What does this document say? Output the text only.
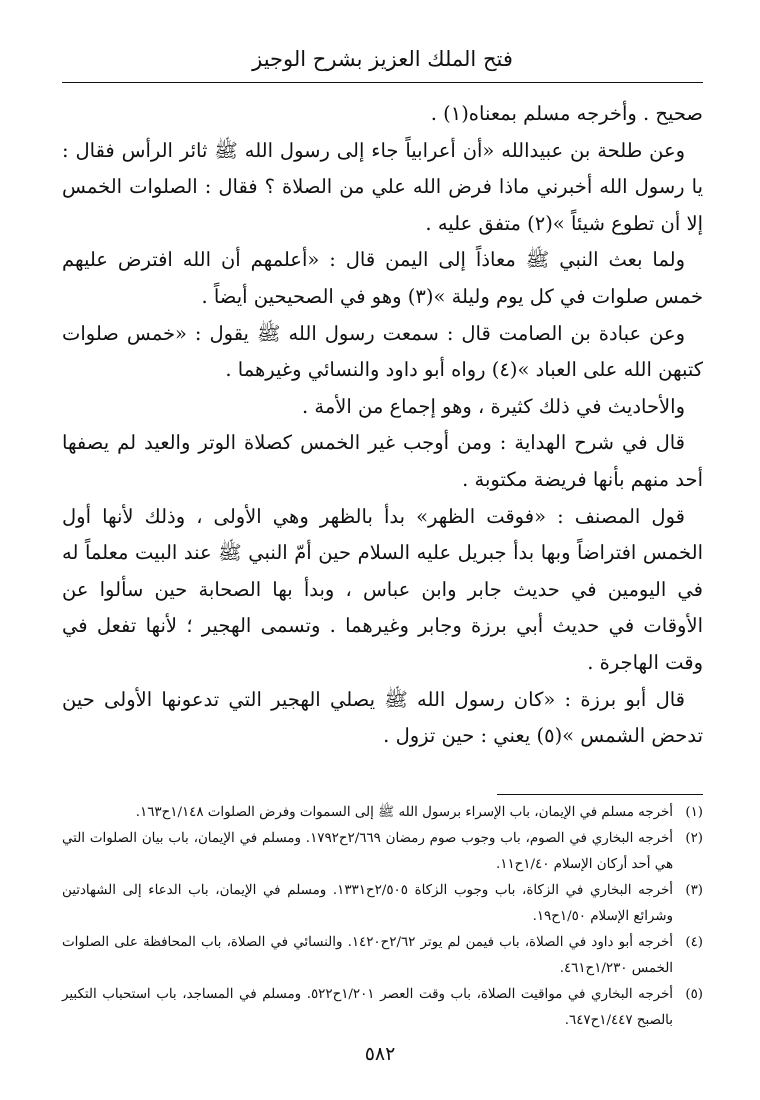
فتح الملك العزيز بشرح الوجيز

صحيح . وأخرجه مسلم بمعناه(١) .

وعن طلحة بن عبيدالله «أن أعرابياً جاء إلى رسول الله ﷺ ثائر الرأس فقال : يا رسول الله أخبرني ماذا فرض الله علي من الصلاة ؟ فقال : الصلوات الخمس إلا أن تطوع شيئاً »(٢) متفق عليه .

ولما بعث النبي ﷺ معاذاً إلى اليمن قال : «أعلمهم أن الله افترض عليهم خمس صلوات في كل يوم وليلة »(٣) وهو في الصحيحين أيضاً .

وعن عبادة بن الصامت قال : سمعت رسول الله ﷺ يقول : «خمس صلوات كتبهن الله على العباد »(٤) رواه أبو داود والنسائي وغيرهما .

والأحاديث في ذلك كثيرة ، وهو إجماع من الأمة .

قال في شرح الهداية : ومن أوجب غير الخمس كصلاة الوتر والعيد لم يصفها أحد منهم بأنها فريضة مكتوبة .

قول المصنف : «فوقت الظهر» بدأ بالظهر وهي الأولى ، وذلك لأنها أول الخمس افتراضاً وبها بدأ جبريل عليه السلام حين أمّ النبي ﷺ عند البيت معلماً له في اليومين في حديث جابر وابن عباس ، وبدأ بها الصحابة حين سألوا عن الأوقات في حديث أبي برزة وجابر وغيرهما . وتسمى الهجير ؛ لأنها تفعل في وقت الهاجرة .

قال أبو برزة : «كان رسول الله ﷺ يصلي الهجير التي تدعونها الأولى حين تدحض الشمس »(٥) يعني : حين تزول .

(١)
أخرجه مسلم في الإيمان، باب الإسراء برسول الله ﷺ إلى السموات وفرض الصلوات ١/١٤٨ح١٦٣.
(٢)
أخرجه البخاري في الصوم، باب وجوب صوم رمضان ٢/٦٦٩ح١٧٩٢. ومسلم في الإيمان، باب بيان الصلوات التي هي أحد أركان الإسلام ١/٤٠ح١١.
(٣)
أخرجه البخاري في الزكاة، باب وجوب الزكاة ٢/٥٠٥ح١٣٣١. ومسلم في الإيمان، باب الدعاء إلى الشهادتين وشرائع الإسلام ١/٥٠ح١٩.
(٤)
أخرجه أبو داود في الصلاة، باب فيمن لم يوتر ٢/٦٢ح١٤٢٠. والنسائي في الصلاة، باب المحافظة على الصلوات الخمس ١/٢٣٠ح٤٦١.
(٥)
أخرجه البخاري في مواقيت الصلاة، باب وقت العصر ١/٢٠١ح٥٢٢. ومسلم في المساجد، باب استحباب التكبير بالصبح ١/٤٤٧ح٦٤٧.
٥٨٢
